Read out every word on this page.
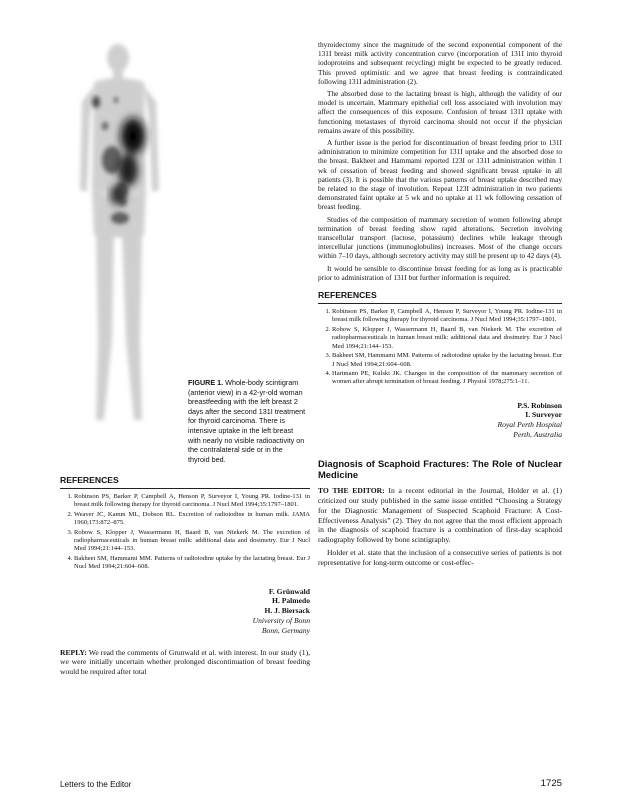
FIGURE 1. Whole-body scintigram (anterior view) in a 42-yr-old woman breastfeeding with the left breast 2 days after the second 131I treatment for thyroid carcinoma. There is intensive uptake in the left breast with nearly no visible radioactivity on the contralateral side or in the thyroid bed.
REFERENCES
1. Robinson PS, Barker P, Campbell A, Henson P, Surveyor I, Young PR. Iodine-131 in breast milk following therapy for thyroid carcinoma. J Nucl Med 1994;35:1797–1801.
2. Weaver JC, Kamm ML, Dobson RL. Excretion of radioiodine in human milk. JAMA 1960;173:872–875.
3. Robow S, Klopper J, Wassermann H, Baard B, van Niekerk M. The excretion of radiopharmaceuticals in human breast milk: additional data and dosimetry. Eur J Nucl Med 1994;21:144–153.
4. Bakheet SM, Hammami MM. Patterns of radioiodine uptake by the lactating breast. Eur J Nucl Med 1994;21:604–608.
F. Grünwald
H. Palmedo
H. J. Biersack
University of Bonn
Bonn, Germany

REPLY: We read the comments of Grunwald et al. with interest. In our study (1), we were initially uncertain whether prolonged discontinuation of breast feeding would be required after total

thyroidectomy since the magnitude of the second exponential component of the 131I breast milk activity concentration curve (incorporation of 131I into thyroid iodoproteins and subsequent recycling) might be expected to be greatly reduced. This proved optimistic and we agree that breast feeding is contraindicated following 131I administration (2).

The absorbed dose to the lactating breast is high, although the validity of our model is uncertain. Mammary epithelial cell loss associated with involution may affect the consequences of this exposure. Confusion of breast 131I uptake with functioning metastases of thyroid carcinoma should not occur if the physician remains aware of this possibility.

A further issue is the period for discontinuation of breast feeding prior to 131I administration to minimize competition for 131I uptake and the absorbed dose to the breast. Bakheet and Hammami reported 123I or 131I administration within 1 wk of cessation of breast feeding and showed significant breast uptake in all patients (3). It is possible that the various patterns of breast uptake described may be related to the stage of involution. Repeat 123I administration in two patients demonstrated faint uptake at 5 wk and no uptake at 11 wk following cessation of breast feeding.

Studies of the composition of mammary secretion of women following abrupt termination of breast feeding show rapid alterations. Secretion involving transcellular transport (lactose, potassium) declines while leakage through intercellular junctions (immunoglobulins) increases. Most of the change occurs within 7–10 days, although secretory activity may still be present up to 42 days (4).

It would be sensible to discontinue breast feeding for as long as is practicable prior to administration of 131I but further information is required.

REFERENCES
1. Robinson PS, Barker P, Campbell A, Henson P, Surveyor I, Young PR. Iodine-131 in breast milk following therapy for thyroid carcinoma. J Nucl Med 1994;35:1797–1801.
2. Robow S, Klopper J, Wassermann H, Baard B, van Niekerk M. The excretion of radiopharmaceuticals in human breast milk: additional data and dosimetry. Eur J Nucl Med 1994;21:144–153.
3. Bakheet SM, Hammami MM. Patterns of radioiodine uptake by the lactating breast. Eur J Nucl Med 1994;21:604–608.
4. Hartmann PE, Kulski JK. Changes in the composition of the mammary secretion of women after abrupt termination of breast feeding. J Physiol 1978;275:1–11.
P.S. Robinson
I. Surveyor
Royal Perth Hospital
Perth, Australia
Diagnosis of Scaphoid Fractures: The Role of Nuclear Medicine

TO THE EDITOR: In a recent editorial in the Journal, Holder et al. (1) criticized our study published in the same issue entitled “Choosing a Strategy for the Diagnostic Management of Suspected Scaphoid Fracture: A Cost-Effectiveness Analysis” (2). They do not agree that the most efficient approach in the diagnosis of scaphoid fracture is a combination of first-day scaphoid radiography followed by bone scintigraphy.

Holder et al. state that the inclusion of a consecutive series of patients is not representative for long-term outcome or cost-effec-

Letters to the Editor	1725
